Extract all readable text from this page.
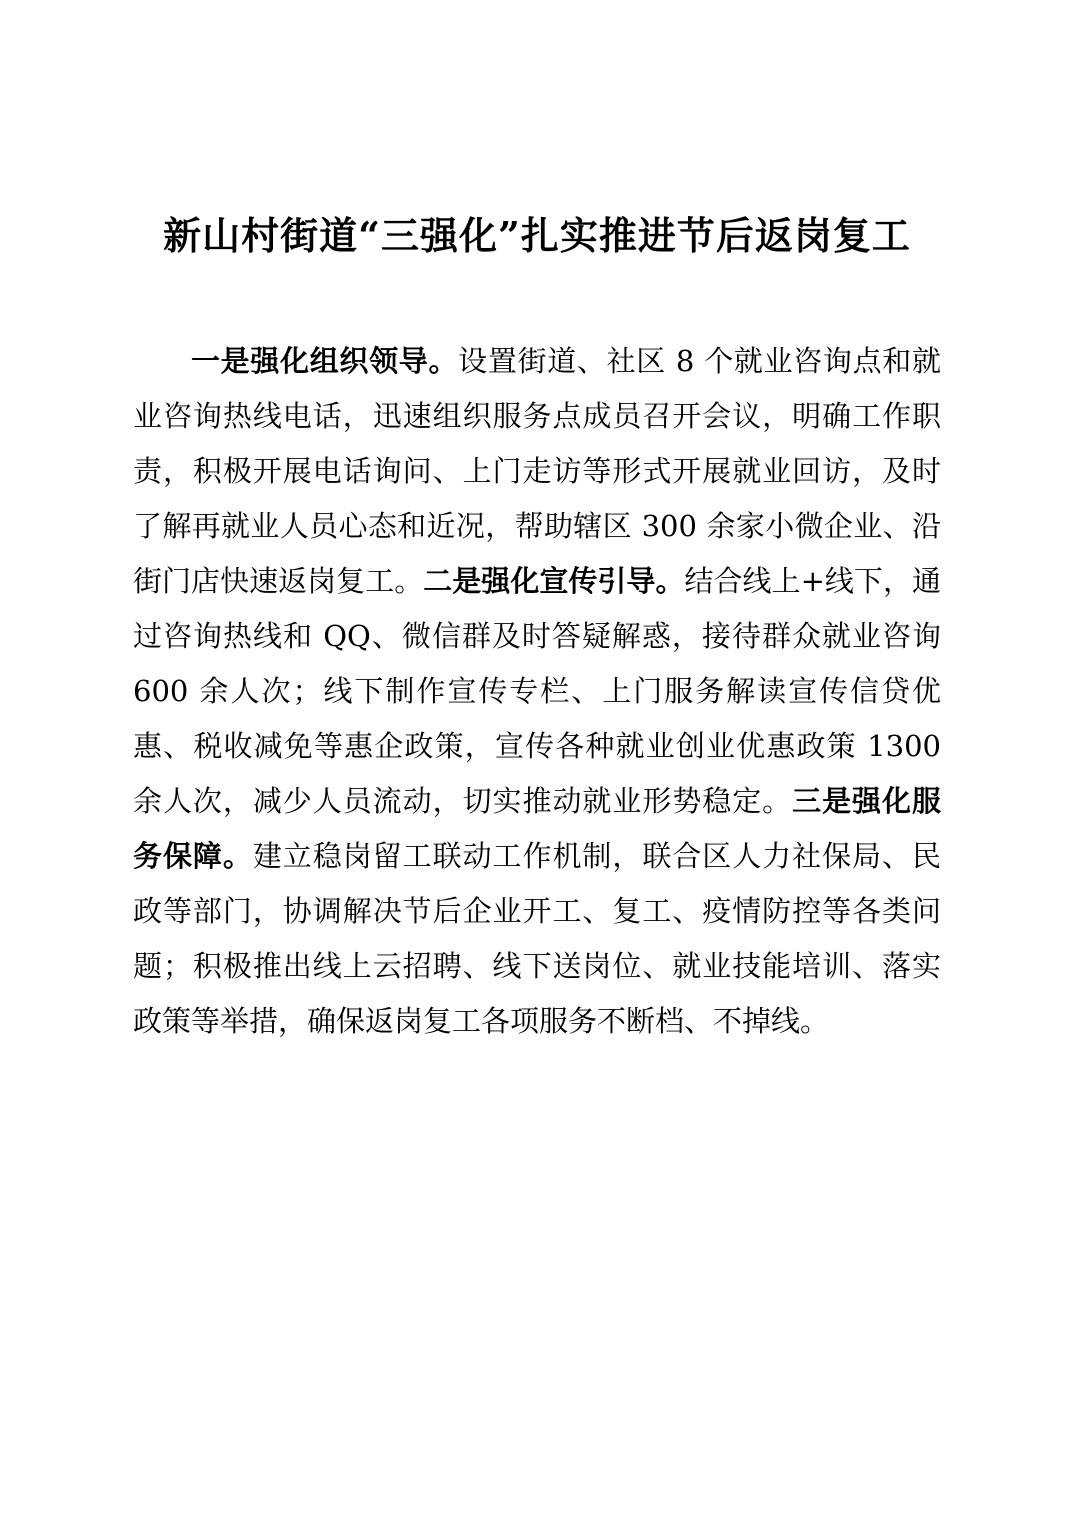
新山村街道“三强化”扎实推进节后返岗复工

一是强化组织领导。设置街道、社区 8 个就业咨询点和就业咨询热线电话，迅速组织服务点成员召开会议，明确工作职责，积极开展电话询问、上门走访等形式开展就业回访，及时了解再就业人员心态和近况，帮助辖区 300 余家小微企业、沿街门店快速返岗复工。二是强化宣传引导。结合线上+线下，通过咨询热线和 QQ、微信群及时答疑解惑，接待群众就业咨询 600 余人次；线下制作宣传专栏、上门服务解读宣传信贷优惠、税收减免等惠企政策，宣传各种就业创业优惠政策 1300 余人次，减少人员流动，切实推动就业形势稳定。三是强化服务保障。建立稳岗留工联动工作机制，联合区人力社保局、民政等部门，协调解决节后企业开工、复工、疫情防控等各类问题；积极推出线上云招聘、线下送岗位、就业技能培训、落实政策等举措，确保返岗复工各项服务不断档、不掉线。
